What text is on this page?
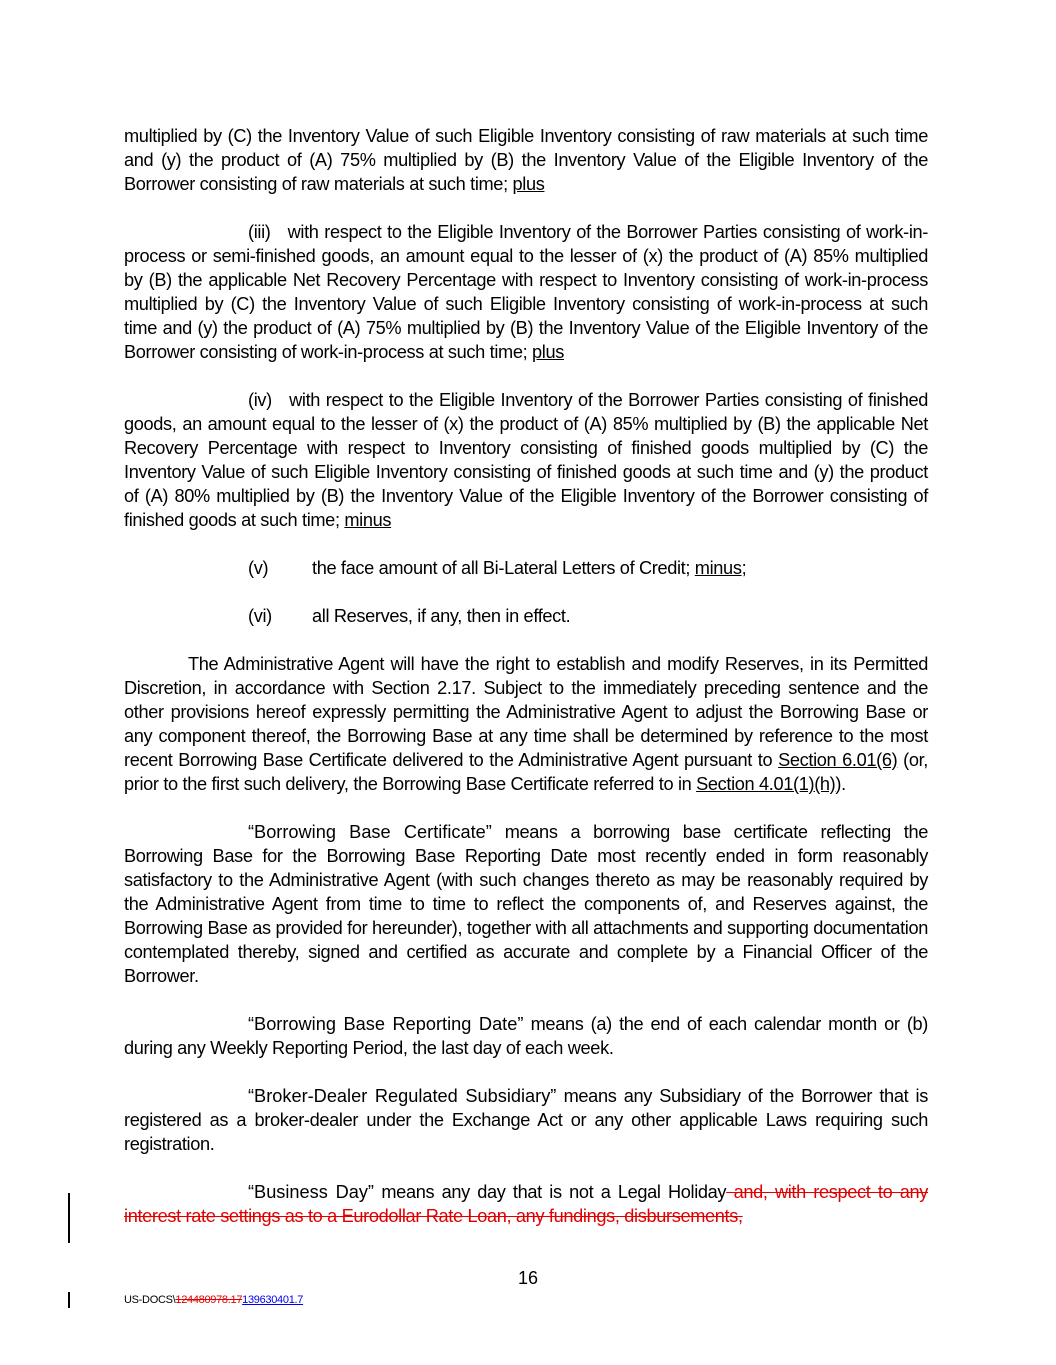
multiplied by (C) the Inventory Value of such Eligible Inventory consisting of raw materials at such time and (y) the product of (A) 75% multiplied by (B) the Inventory Value of the Eligible Inventory of the Borrower consisting of raw materials at such time; plus

(iii) with respect to the Eligible Inventory of the Borrower Parties consisting of work-in-process or semi-finished goods, an amount equal to the lesser of (x) the product of (A) 85% multiplied by (B) the applicable Net Recovery Percentage with respect to Inventory consisting of work-in-process multiplied by (C) the Inventory Value of such Eligible Inventory consisting of work-in-process at such time and (y) the product of (A) 75% multiplied by (B) the Inventory Value of the Eligible Inventory of the Borrower consisting of work-in-process at such time; plus

(iv) with respect to the Eligible Inventory of the Borrower Parties consisting of finished goods, an amount equal to the lesser of (x) the product of (A) 85% multiplied by (B) the applicable Net Recovery Percentage with respect to Inventory consisting of finished goods multiplied by (C) the Inventory Value of such Eligible Inventory consisting of finished goods at such time and (y) the product of (A) 80% multiplied by (B) the Inventory Value of the Eligible Inventory of the Borrower consisting of finished goods at such time; minus

(v)	the face amount of all Bi-Lateral Letters of Credit; minus;

(vi)	all Reserves, if any, then in effect.

The Administrative Agent will have the right to establish and modify Reserves, in its Permitted Discretion, in accordance with Section 2.17. Subject to the immediately preceding sentence and the other provisions hereof expressly permitting the Administrative Agent to adjust the Borrowing Base or any component thereof, the Borrowing Base at any time shall be determined by reference to the most recent Borrowing Base Certificate delivered to the Administrative Agent pursuant to Section 6.01(6) (or, prior to the first such delivery, the Borrowing Base Certificate referred to in Section 4.01(1)(h)).

“Borrowing Base Certificate” means a borrowing base certificate reflecting the Borrowing Base for the Borrowing Base Reporting Date most recently ended in form reasonably satisfactory to the Administrative Agent (with such changes thereto as may be reasonably required by the Administrative Agent from time to time to reflect the components of, and Reserves against, the Borrowing Base as provided for hereunder), together with all attachments and supporting documentation contemplated thereby, signed and certified as accurate and complete by a Financial Officer of the Borrower.

“Borrowing Base Reporting Date” means (a) the end of each calendar month or (b) during any Weekly Reporting Period, the last day of each week.

“Broker-Dealer Regulated Subsidiary” means any Subsidiary of the Borrower that is registered as a broker-dealer under the Exchange Act or any other applicable Laws requiring such registration.

“Business Day” means any day that is not a Legal Holiday and, with respect to any interest rate settings as to a Eurodollar Rate Loan, any fundings, disbursements,

16
US-DOCS\124480978.17139630401.7
